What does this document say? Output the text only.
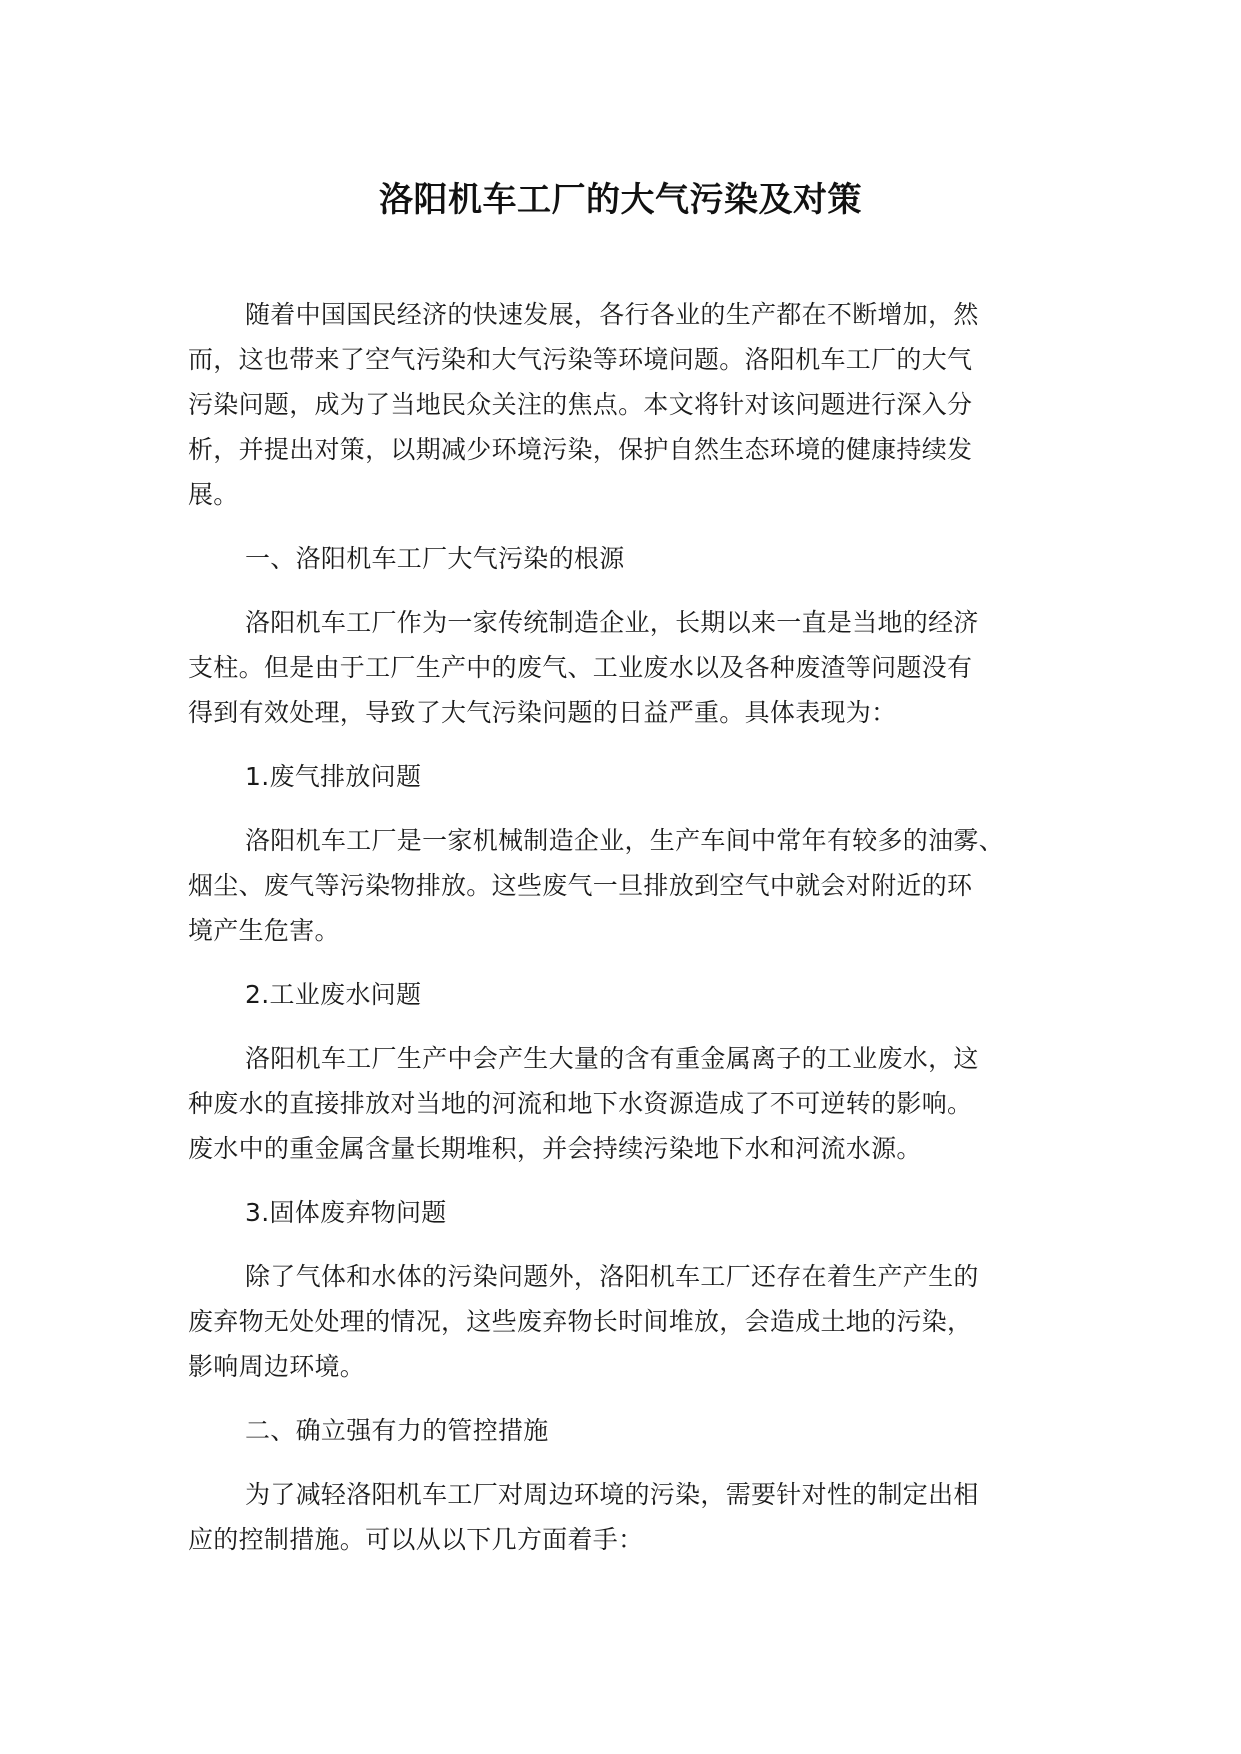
洛阳机车工厂的大气污染及对策

随着中国国民经济的快速发展，各行各业的生产都在不断增加，然
而，这也带来了空气污染和大气污染等环境问题。洛阳机车工厂的大气
污染问题，成为了当地民众关注的焦点。本文将针对该问题进行深入分
析，并提出对策，以期减少环境污染，保护自然生态环境的健康持续发
展。

一、洛阳机车工厂大气污染的根源

洛阳机车工厂作为一家传统制造企业，长期以来一直是当地的经济
支柱。但是由于工厂生产中的废气、工业废水以及各种废渣等问题没有
得到有效处理，导致了大气污染问题的日益严重。具体表现为：

1.废气排放问题

洛阳机车工厂是一家机械制造企业，生产车间中常年有较多的油雾、
烟尘、废气等污染物排放。这些废气一旦排放到空气中就会对附近的环
境产生危害。

2.工业废水问题

洛阳机车工厂生产中会产生大量的含有重金属离子的工业废水，这
种废水的直接排放对当地的河流和地下水资源造成了不可逆转的影响。
废水中的重金属含量长期堆积，并会持续污染地下水和河流水源。

3.固体废弃物问题

除了气体和水体的污染问题外，洛阳机车工厂还存在着生产产生的
废弃物无处处理的情况，这些废弃物长时间堆放，会造成土地的污染，
影响周边环境。

二、确立强有力的管控措施

为了减轻洛阳机车工厂对周边环境的污染，需要针对性的制定出相
应的控制措施。可以从以下几方面着手：
